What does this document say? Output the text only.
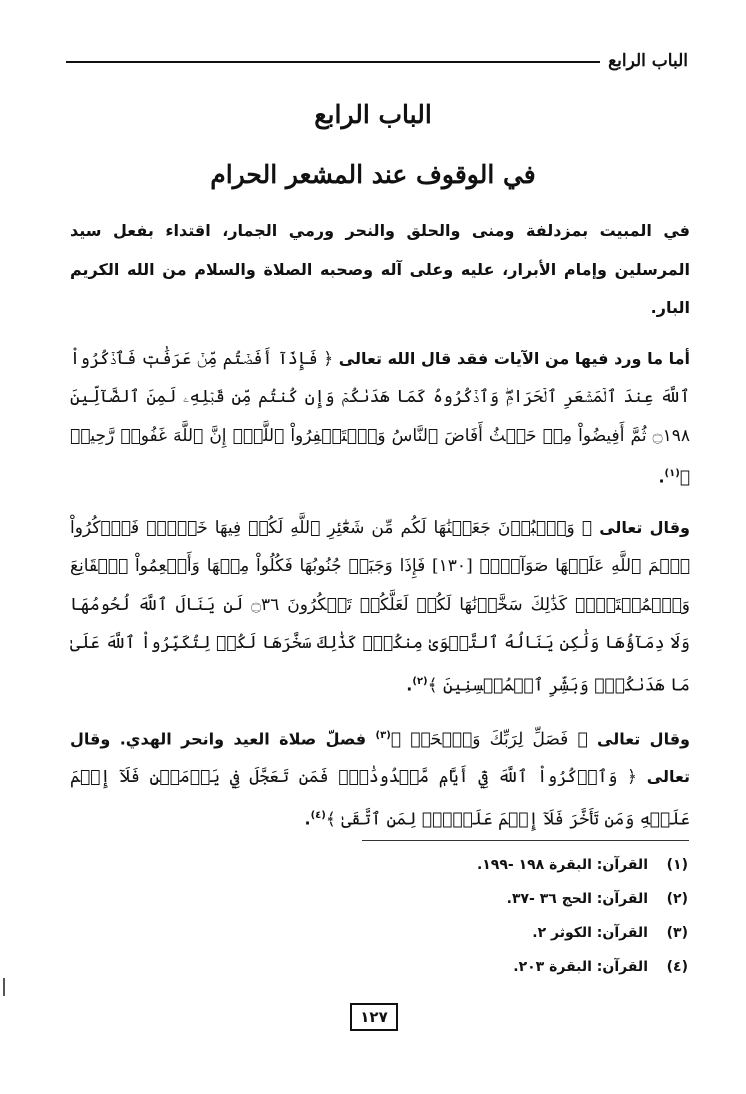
الباب الرابع
الباب الرابع
في الوقوف عند المشعر الحرام

في المبيت بمزدلفة ومنى والحلق والنحر ورمي الجمار، اقتداء بفعل سيد المرسلين وإمام الأبرار، عليه وعلى آله وصحبه الصلاة والسلام من الله الكريم البار.

أما ما ورد فيها من الآيات فقد قال الله تعالى ﴿ فَإِذَآ أَفَضۡتُم مِّنۡ عَرَفَٰتٖ فَٱذۡكُرُواْ ٱللَّهَ عِندَ ٱلۡمَشۡعَرِ ٱلۡحَرَامِۖ وَٱذۡكُرُوهُ كَمَا هَدَىٰكُمۡ وَإِن كُنتُم مِّن قَبۡلِهِۦ لَمِنَ ٱلضَّآلِّينَ ۝١٩٨ ثُمَّ أَفِيضُواْ مِنۡ حَيۡثُ أَفَاضَ ٱلنَّاسُ وَٱسۡتَغۡفِرُواْ ٱللَّهَۚ إِنَّ ٱللَّهَ غَفُورٞ رَّحِيمٞ ﴾$^{(١)}$.

وقال تعالى ﴿ وَٱلۡبُدۡنَ جَعَلۡنَٰهَا لَكُم مِّن شَعَٰٓئِرِ ٱللَّهِ لَكُمۡ فِيهَا خَيۡرٞۖ فَٱذۡكُرُواْ ٱسۡمَ ٱللَّهِ عَلَيۡهَا صَوَآفَّۖ [١٣٠] فَإِذَا وَجَبَتۡ جُنُوبُهَا فَكُلُواْ مِنۡهَا وَأَطۡعِمُواْ ٱلۡقَانِعَ وَٱلۡمُعۡتَرَّۚ كَذَٰلِكَ سَخَّرۡنَٰهَا لَكُمۡ لَعَلَّكُمۡ تَشۡكُرُونَ ۝٣٦ لَن يَنَالَ ٱللَّهَ لُحُومُهَا وَلَا دِمَآؤُهَا وَلَٰكِن يَنَالُهُ ٱلتَّقۡوَىٰ مِنكُمۡۚ كَذَٰلِكَ سَخَّرَهَا لَكُمۡ لِتُكَبِّرُواْ ٱللَّهَ عَلَىٰ مَا هَدَىٰكُمۡۗ وَبَشِّرِ ٱلۡمُحۡسِنِينَ ﴾$^{(٢)}$.

وقال تعالى ﴿ فَصَلِّ لِرَبِّكَ وَٱنۡحَرۡ ﴾$^{(٣)}$ فصلّ صلاة العيد وانحر الهدي. وقال تعالى ﴿ وَٱذۡكُرُواْ ٱللَّهَ فِيٓ أَيَّامٖ مَّعۡدُودَٰتٖۚ فَمَن تَعَجَّلَ فِي يَوۡمَيۡنِ فَلَآ إِثۡمَ عَلَيۡهِ وَمَن تَأَخَّرَ فَلَآ إِثۡمَ عَلَيۡهِۖ لِمَنِ ٱتَّقَىٰ ﴾$^{(٤)}$.

(١)
القرآن: البقرة ١٩٨ -١٩٩.
(٢)
القرآن: الحج ٣٦ -٣٧.
(٣)
القرآن: الكوثر ٢.
(٤)
القرآن: البقرة ٢٠٣.
١٢٧
